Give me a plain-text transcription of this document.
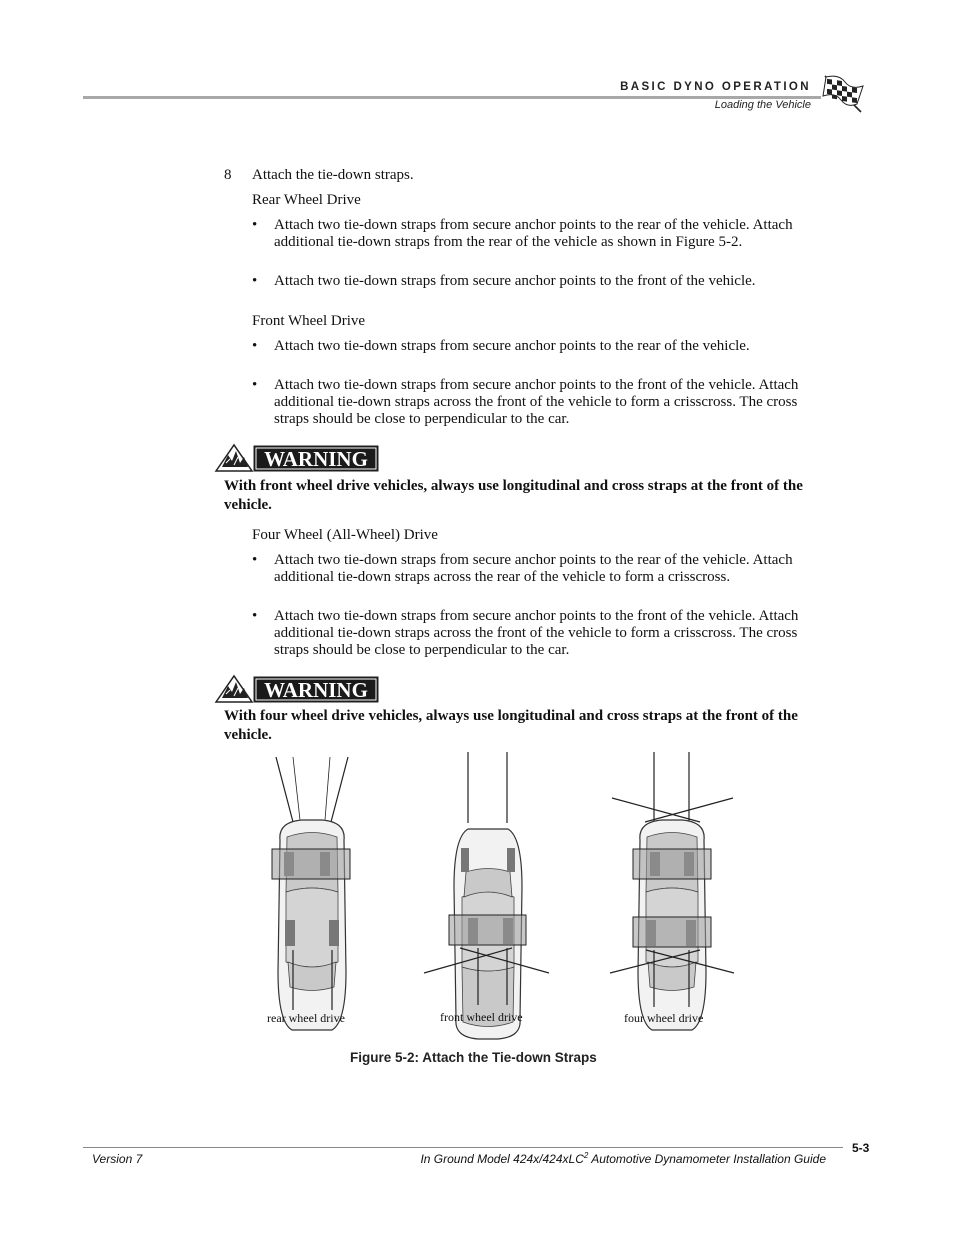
BASIC DYNO OPERATION
Loading the Vehicle
8 Attach the tie-down straps.
Rear Wheel Drive
• Attach two tie-down straps from secure anchor points to the rear of the vehicle. Attach additional tie-down straps from the rear of the vehicle as shown in Figure 5-2.
• Attach two tie-down straps from secure anchor points to the front of the vehicle.
Front Wheel Drive
• Attach two tie-down straps from secure anchor points to the rear of the vehicle.
• Attach two tie-down straps from secure anchor points to the front of the vehicle. Attach additional tie-down straps across the front of the vehicle to form a crisscross. The cross straps should be close to perpendicular to the car.
WARNING
With front wheel drive vehicles, always use longitudinal and cross straps at the front of the vehicle.
Four Wheel (All-Wheel) Drive
• Attach two tie-down straps from secure anchor points to the rear of the vehicle. Attach additional tie-down straps across the rear of the vehicle to form a crisscross.
• Attach two tie-down straps from secure anchor points to the front of the vehicle. Attach additional tie-down straps across the front of the vehicle to form a crisscross. The cross straps should be close to perpendicular to the car.
WARNING
With four wheel drive vehicles, always use longitudinal and cross straps at the front of the vehicle.
rear wheel drive	front wheel drive	four wheel drive
Figure 5-2: Attach the Tie-down Straps
5-3
Version 7	In Ground Model 424x/424xLC$^2$ Automotive Dynamometer Installation Guide
